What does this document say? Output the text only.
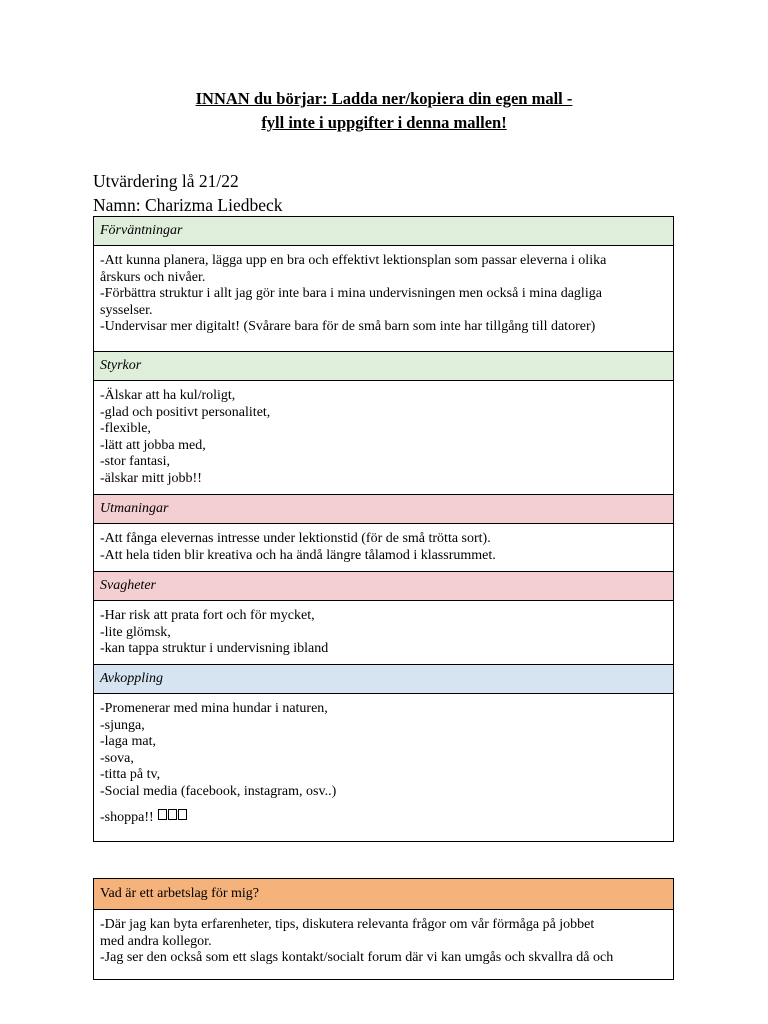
INNAN du börjar: Ladda ner/kopiera din egen mall -
fyll inte i uppgifter i denna mallen!
Utvärdering lå 21/22
Namn: Charizma Liedbeck
Förväntningar
-Att kunna planera, lägga upp en bra och effektivt lektionsplan som passar eleverna i olika
årskurs och nivåer.
-Förbättra struktur i allt jag gör inte bara i mina undervisningen men också i mina dagliga
sysselser.
-Undervisar mer digitalt! (Svårare bara för de små barn som inte har tillgång till datorer)
Styrkor
-Älskar att ha kul/roligt,
-glad och positivt personalitet,
-flexible,
-lätt att jobba med,
-stor fantasi,
-älskar mitt jobb!!
Utmaningar
-Att fånga elevernas intresse under lektionstid (för de små trötta sort).
-Att hela tiden blir kreativa och ha ändå längre tålamod i klassrummet.
Svagheter
-Har risk att prata fort och för mycket,
-lite glömsk,
-kan tappa struktur i undervisning ibland
Avkoppling
-Promenerar med mina hundar i naturen,
-sjunga,
-laga mat,
-sova,
-titta på tv,
-Social media (facebook, instagram, osv..)
-shoppa!!
Vad är ett arbetslag för mig?
-Där jag kan byta erfarenheter, tips, diskutera relevanta frågor om vår förmåga på jobbet
med andra kollegor.
-Jag ser den också som ett slags kontakt/socialt forum där vi kan umgås och skvallra då och
